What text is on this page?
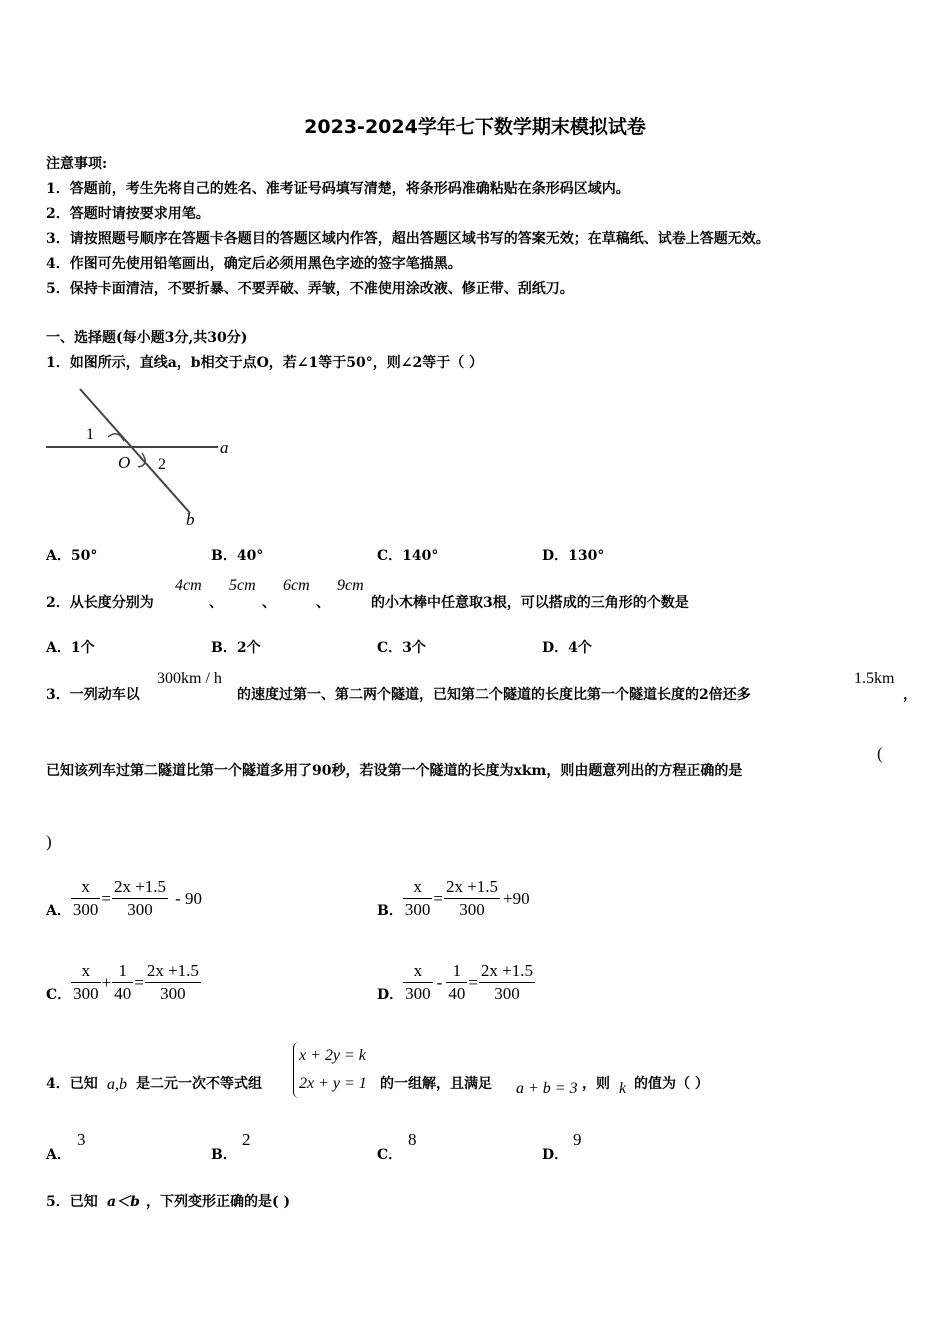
2023-2024学年七下数学期末模拟试卷
注意事项:
1．答题前，考生先将自己的姓名、准考证号码填写清楚，将条形码准确粘贴在条形码区域内。
2．答题时请按要求用笔。
3．请按照题号顺序在答题卡各题目的答题区域内作答，超出答题区域书写的答案无效；在草稿纸、试卷上答题无效。
4．作图可先使用铅笔画出，确定后必须用黑色字迹的签字笔描黑。
5．保持卡面清洁，不要折暴、不要弄破、弄皱，不准使用涂改液、修正带、刮纸刀。
一、选择题(每小题3分,共30分)
1．如图所示，直线a，b相交于点O，若∠1等于50°，则∠2等于（ ）
1
2
O
a
b
A．50°	B．40°	C．140°	D．130°
2．从长度分别为
4cm
、
5cm
、
6cm
、
9cm
的小木棒中任意取3根，可以搭成的三角形的个数是
A．1个	B．2个	C．3个	D．4个
3．一列动车以
300km / h
的速度过第一、第二两个隧道，已知第二个隧道的长度比第一个隧道长度的2倍还多
1.5km
，
已知该列车过第二隧道比第一个隧道多用了90秒，若设第一个隧道的长度为xkm，则由题意列出的方程正确的是
(
)
A． $\frac{x}{300} = \frac{2x +1.5}{300} - 90$
B． $\frac{x}{300} = \frac{2x +1.5}{300} +90$
C． $\frac{x}{300} + \frac{1}{40} = \frac{2x +1.5}{300}$	D． $\frac{x}{300} - \frac{1}{40} = \frac{2x +1.5}{300}$
4．已知 a,b 是二元一次不等式组
x + 2y = k
2x + y = 1 的一组解，且满足 a + b = 3 ，则 k 的值为（ ）
A．
3
B．
2
C．
8
D．
9
5．已知 a＜b ，下列变形正确的是( )
